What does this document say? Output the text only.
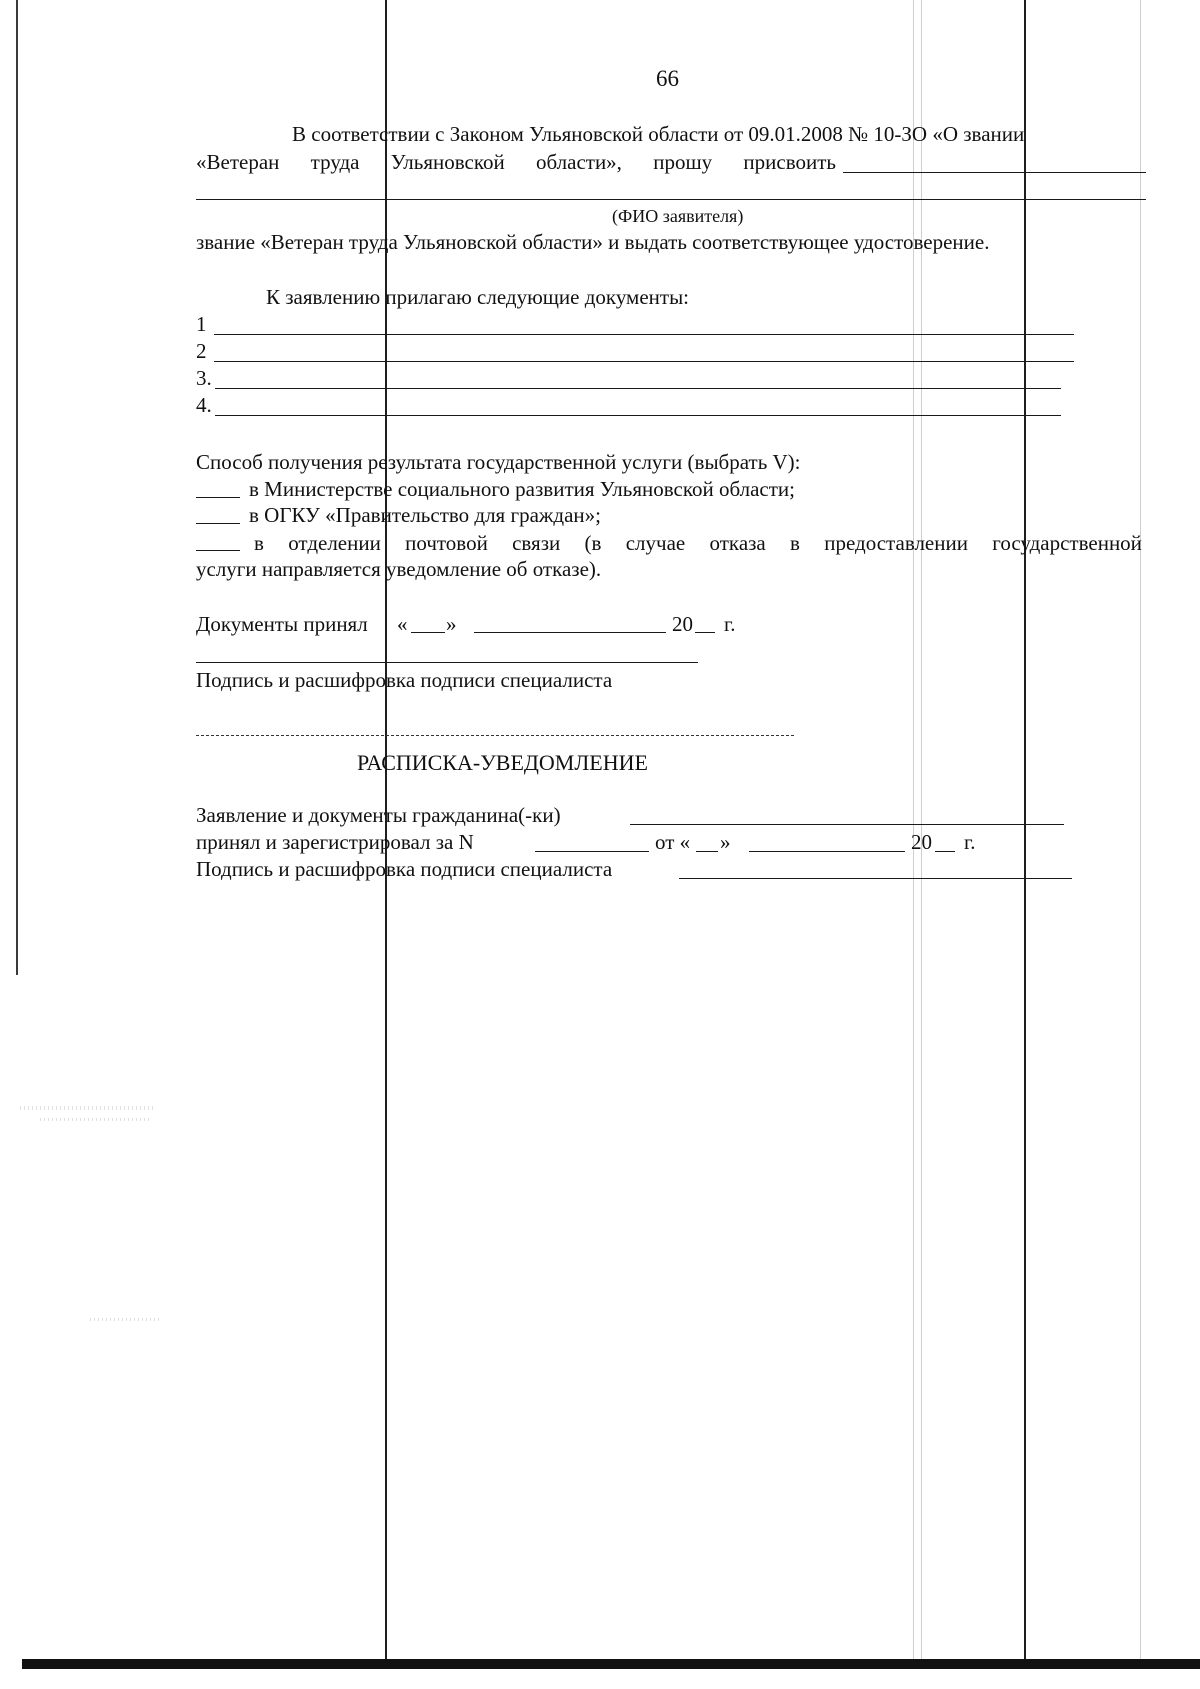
66
В соответствии с Законом Ульяновской области от 09.01.2008 № 10-ЗО «О звании
«Ветеран труда Ульяновской области», прошу присвоить
(ФИО заявителя)
звание «Ветеран труда Ульяновской области» и выдать соответствующее удостоверение.
К заявлению прилагаю следующие документы:
1
2
3.
4.
Способ получения результата государственной услуги (выбрать V):
в Министерстве социального развития Ульяновской области;
в ОГКУ «Правительство для граждан»;
в отделении почтовой связи (в случае отказа в предоставлении государственной
услуги направляется уведомление об отказе).
Документы принял « »	20 г.
Подпись и расшифровка подписи специалиста
РАСПИСКА-УВЕДОМЛЕНИЕ
Заявление и документы гражданина(-ки)
принял и зарегистрировал за N	от « »	20 г.
Подпись и расшифровка подписи специалиста
